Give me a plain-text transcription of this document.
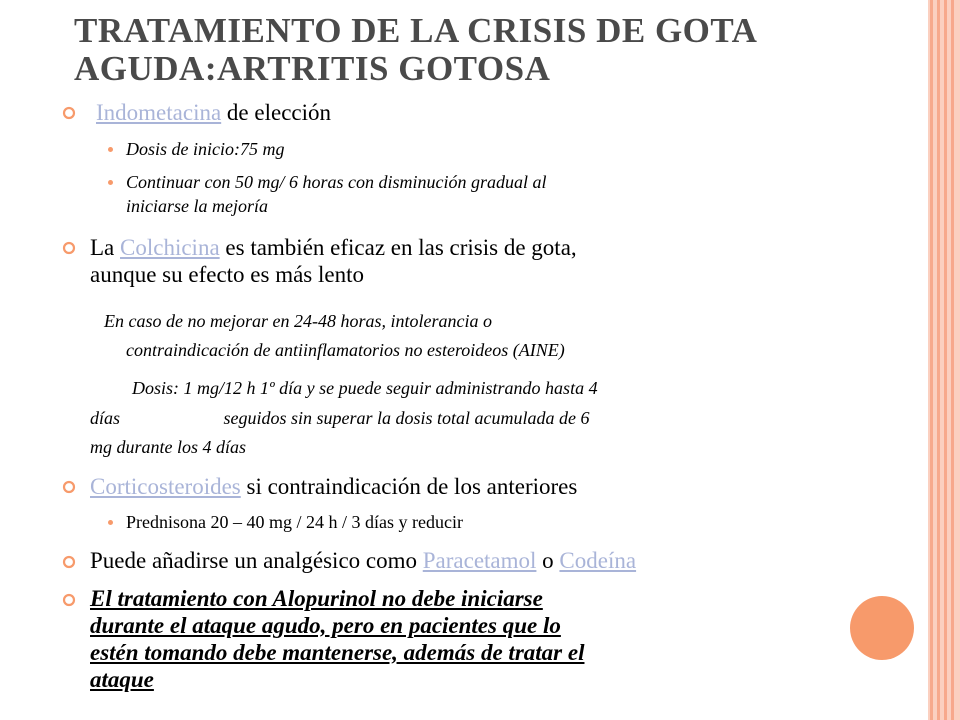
TRATAMIENTO DE LA CRISIS DE GOTA
AGUDA:ARTRITIS GOTOSA

Indometacina de elección

Dosis de inicio:75 mg

Continuar con 50 mg/ 6 horas con disminución gradual al
iniciarse la mejoría

La Colchicina es también eficaz en las crisis de gota,
aunque su efecto es más lento

En caso de no mejorar en 24-48 horas, intolerancia o

contraindicación de antiinflamatorios no esteroideos (AINE)

Dosis: 1 mg/12 h 1º día y se puede seguir administrando hasta 4

días                       seguidos sin superar la dosis total acumulada de 6

mg durante los 4 días

Corticosteroides si contraindicación de los anteriores

Prednisona 20 – 40 mg / 24 h / 3 días y reducir

Puede añadirse un analgésico como Paracetamol o Codeína

El tratamiento con Alopurinol no debe iniciarse
durante el ataque agudo, pero en pacientes que lo
estén tomando debe mantenerse, además de tratar el
ataque
